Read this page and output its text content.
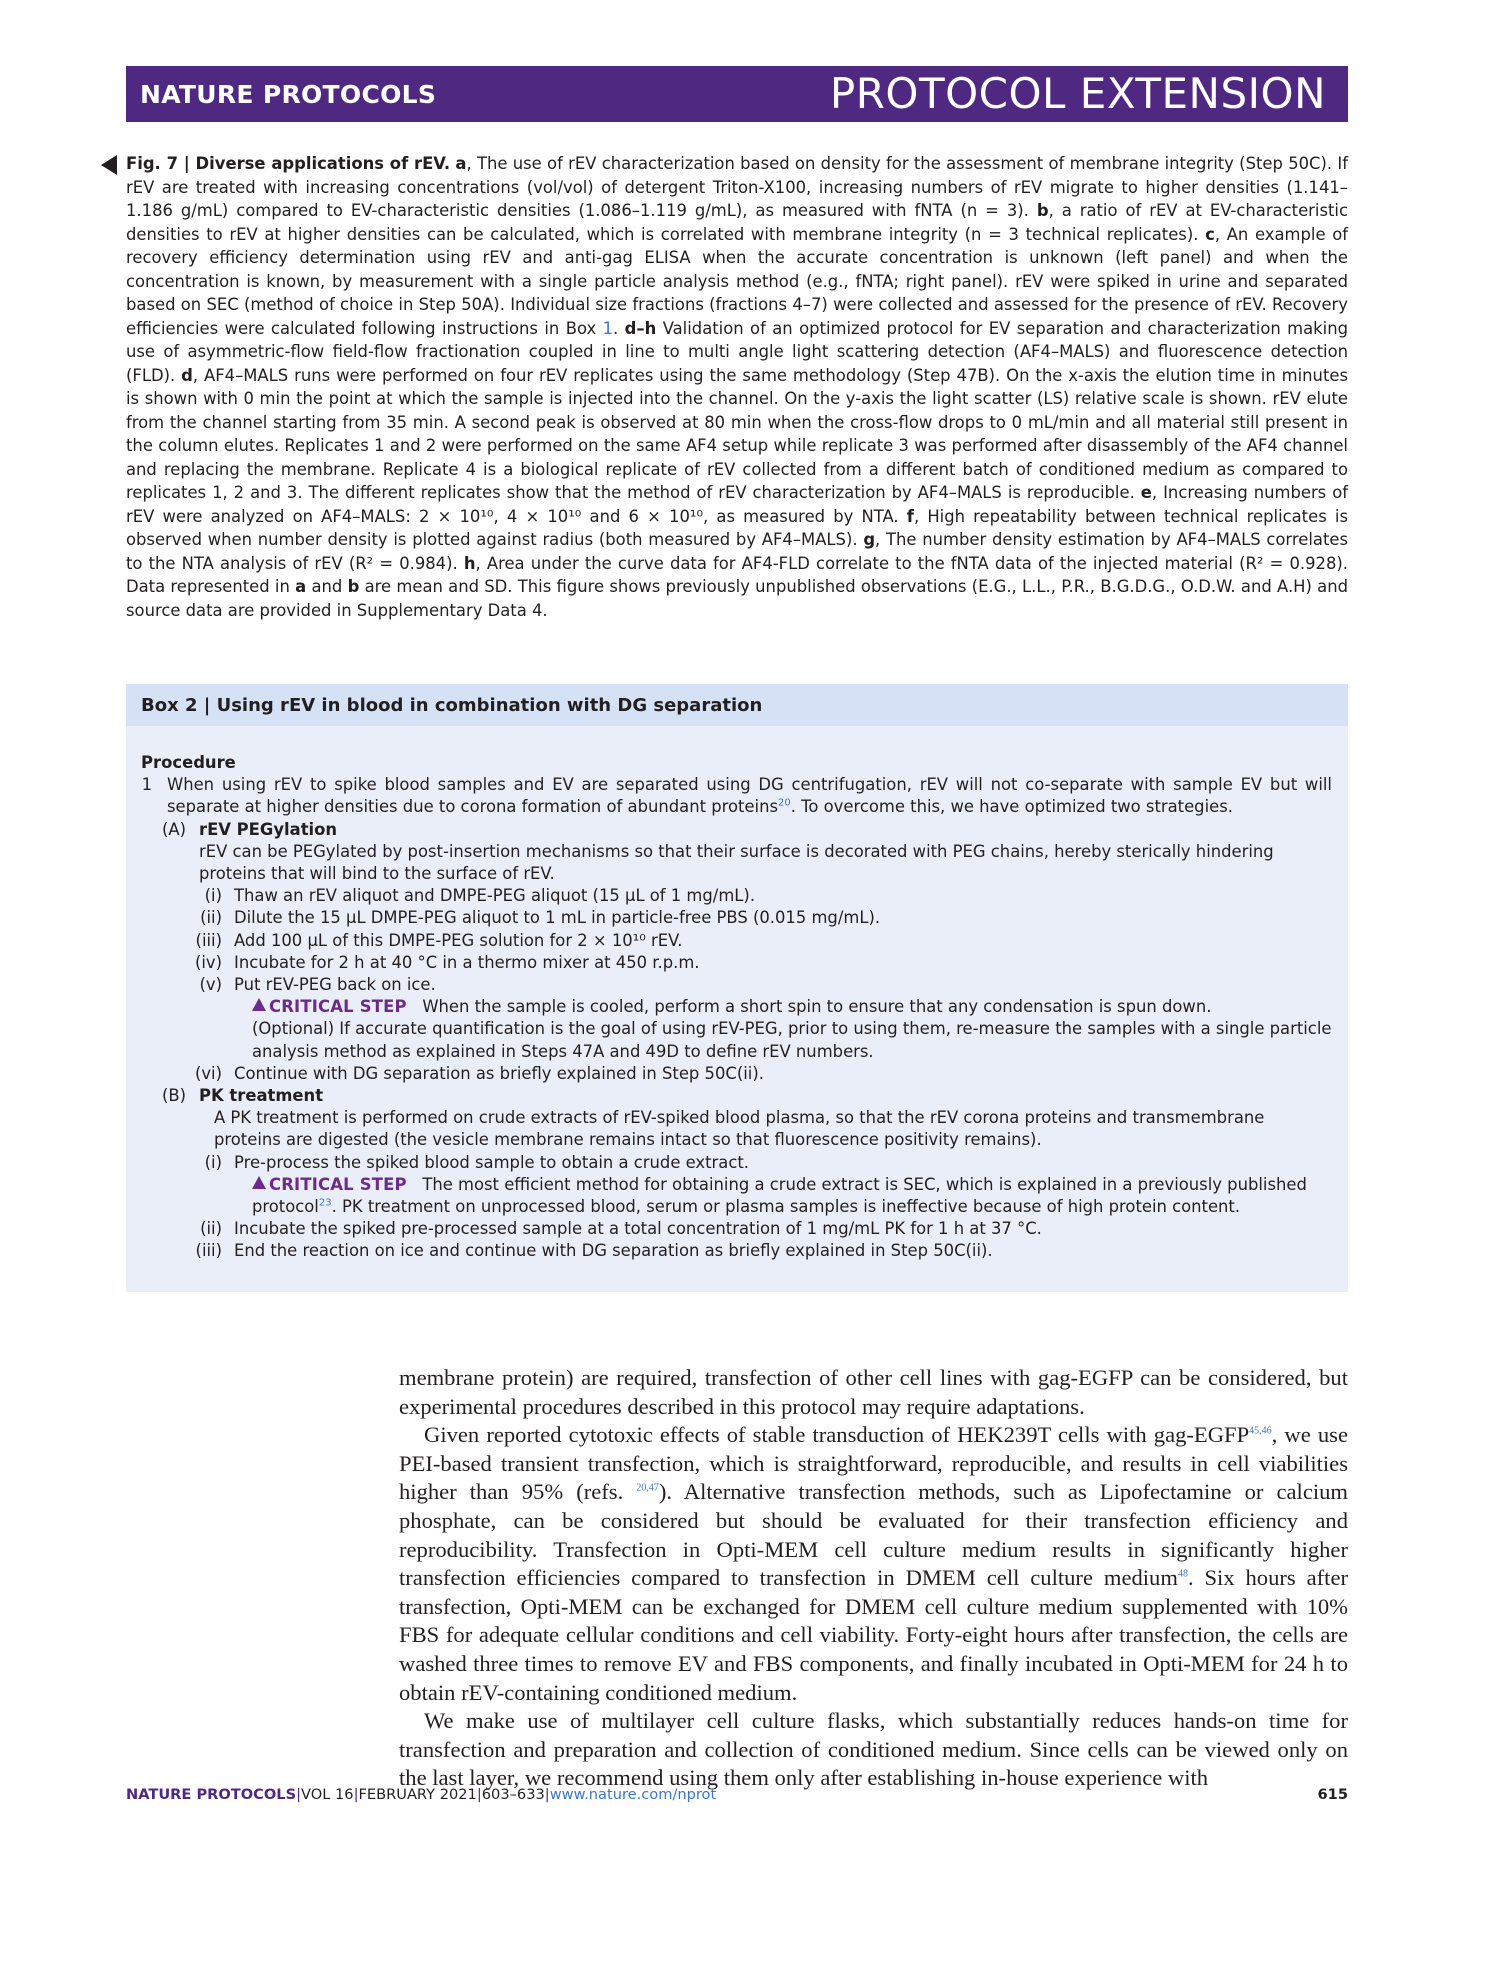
NATURE PROTOCOLS	PROTOCOL EXTENSION
Fig. 7 | Diverse applications of rEV. a, The use of rEV characterization based on density for the assessment of membrane integrity (Step 50C). If rEV are treated with increasing concentrations (vol/vol) of detergent Triton-X100, increasing numbers of rEV migrate to higher densities (1.141–1.186 g/mL) compared to EV-characteristic densities (1.086–1.119 g/mL), as measured with fNTA (n = 3). b, a ratio of rEV at EV-characteristic densities to rEV at higher densities can be calculated, which is correlated with membrane integrity (n = 3 technical replicates). c, An example of recovery efficiency determination using rEV and anti-gag ELISA when the accurate concentration is unknown (left panel) and when the concentration is known, by measurement with a single particle analysis method (e.g., fNTA; right panel). rEV were spiked in urine and separated based on SEC (method of choice in Step 50A). Individual size fractions (fractions 4–7) were collected and assessed for the presence of rEV. Recovery efficiencies were calculated following instructions in Box 1. d–h Validation of an optimized protocol for EV separation and characterization making use of asymmetric-flow field-flow fractionation coupled in line to multi angle light scattering detection (AF4–MALS) and fluorescence detection (FLD). d, AF4–MALS runs were performed on four rEV replicates using the same methodology (Step 47B). On the x-axis the elution time in minutes is shown with 0 min the point at which the sample is injected into the channel. On the y-axis the light scatter (LS) relative scale is shown. rEV elute from the channel starting from 35 min. A second peak is observed at 80 min when the cross-flow drops to 0 mL/min and all material still present in the column elutes. Replicates 1 and 2 were performed on the same AF4 setup while replicate 3 was performed after disassembly of the AF4 channel and replacing the membrane. Replicate 4 is a biological replicate of rEV collected from a different batch of conditioned medium as compared to replicates 1, 2 and 3. The different replicates show that the method of rEV characterization by AF4–MALS is reproducible. e, Increasing numbers of rEV were analyzed on AF4–MALS: 2 × 10¹⁰, 4 × 10¹⁰ and 6 × 10¹⁰, as measured by NTA. f, High repeatability between technical replicates is observed when number density is plotted against radius (both measured by AF4–MALS). g, The number density estimation by AF4–MALS correlates to the NTA analysis of rEV (R² = 0.984). h, Area under the curve data for AF4-FLD correlate to the fNTA data of the injected material (R² = 0.928). Data represented in a and b are mean and SD. This figure shows previously unpublished observations (E.G., L.L., P.R., B.G.D.G., O.D.W. and A.H) and source data are provided in Supplementary Data 4.
Box 2 | Using rEV in blood in combination with DG separation
Procedure
1 When using rEV to spike blood samples and EV are separated using DG centrifugation, rEV will not co-separate with sample EV but will separate at higher densities due to corona formation of abundant proteins$^{20}$. To overcome this, we have optimized two strategies.
(A) rEV PEGylation
rEV can be PEGylated by post-insertion mechanisms so that their surface is decorated with PEG chains, hereby sterically hindering proteins that will bind to the surface of rEV.
(i) Thaw an rEV aliquot and DMPE-PEG aliquot (15 μL of 1 mg/mL).
(ii) Dilute the 15 μL DMPE-PEG aliquot to 1 mL in particle-free PBS (0.015 mg/mL).
(iii) Add 100 μL of this DMPE-PEG solution for 2 × 10¹⁰ rEV.
(iv) Incubate for 2 h at 40 °C in a thermo mixer at 450 r.p.m.
(v) Put rEV-PEG back on ice.
CRITICAL STEP When the sample is cooled, perform a short spin to ensure that any condensation is spun down.
(Optional) If accurate quantification is the goal of using rEV-PEG, prior to using them, re-measure the samples with a single particle analysis method as explained in Steps 47A and 49D to define rEV numbers.
(vi) Continue with DG separation as briefly explained in Step 50C(ii).
(B) PK treatment
A PK treatment is performed on crude extracts of rEV-spiked blood plasma, so that the rEV corona proteins and transmembrane proteins are digested (the vesicle membrane remains intact so that fluorescence positivity remains).
(i) Pre-process the spiked blood sample to obtain a crude extract.
CRITICAL STEP The most efficient method for obtaining a crude extract is SEC, which is explained in a previously published protocol$^{23}$. PK treatment on unprocessed blood, serum or plasma samples is ineffective because of high protein content.
(ii) Incubate the spiked pre-processed sample at a total concentration of 1 mg/mL PK for 1 h at 37 °C.
(iii) End the reaction on ice and continue with DG separation as briefly explained in Step 50C(ii).

membrane protein) are required, transfection of other cell lines with gag-EGFP can be considered, but experimental procedures described in this protocol may require adaptations.

Given reported cytotoxic effects of stable transduction of HEK239T cells with gag-EGFP$^{45,46}$, we use PEI-based transient transfection, which is straightforward, reproducible, and results in cell viabilities higher than 95% (refs. $^{20,47}$). Alternative transfection methods, such as Lipofectamine or calcium phosphate, can be considered but should be evaluated for their transfection efficiency and reproducibility. Transfection in Opti-MEM cell culture medium results in significantly higher transfection efficiencies compared to transfection in DMEM cell culture medium$^{48}$. Six hours after transfection, Opti-MEM can be exchanged for DMEM cell culture medium supplemented with 10% FBS for adequate cellular conditions and cell viability. Forty-eight hours after transfection, the cells are washed three times to remove EV and FBS components, and finally incubated in Opti-MEM for 24 h to obtain rEV-containing conditioned medium.

We make use of multilayer cell culture flasks, which substantially reduces hands-on time for transfection and preparation and collection of conditioned medium. Since cells can be viewed only on the last layer, we recommend using them only after establishing in-house experience with

NATURE PROTOCOLS|VOL 16|FEBRUARY 2021|603–633|www.nature.com/nprot	615
